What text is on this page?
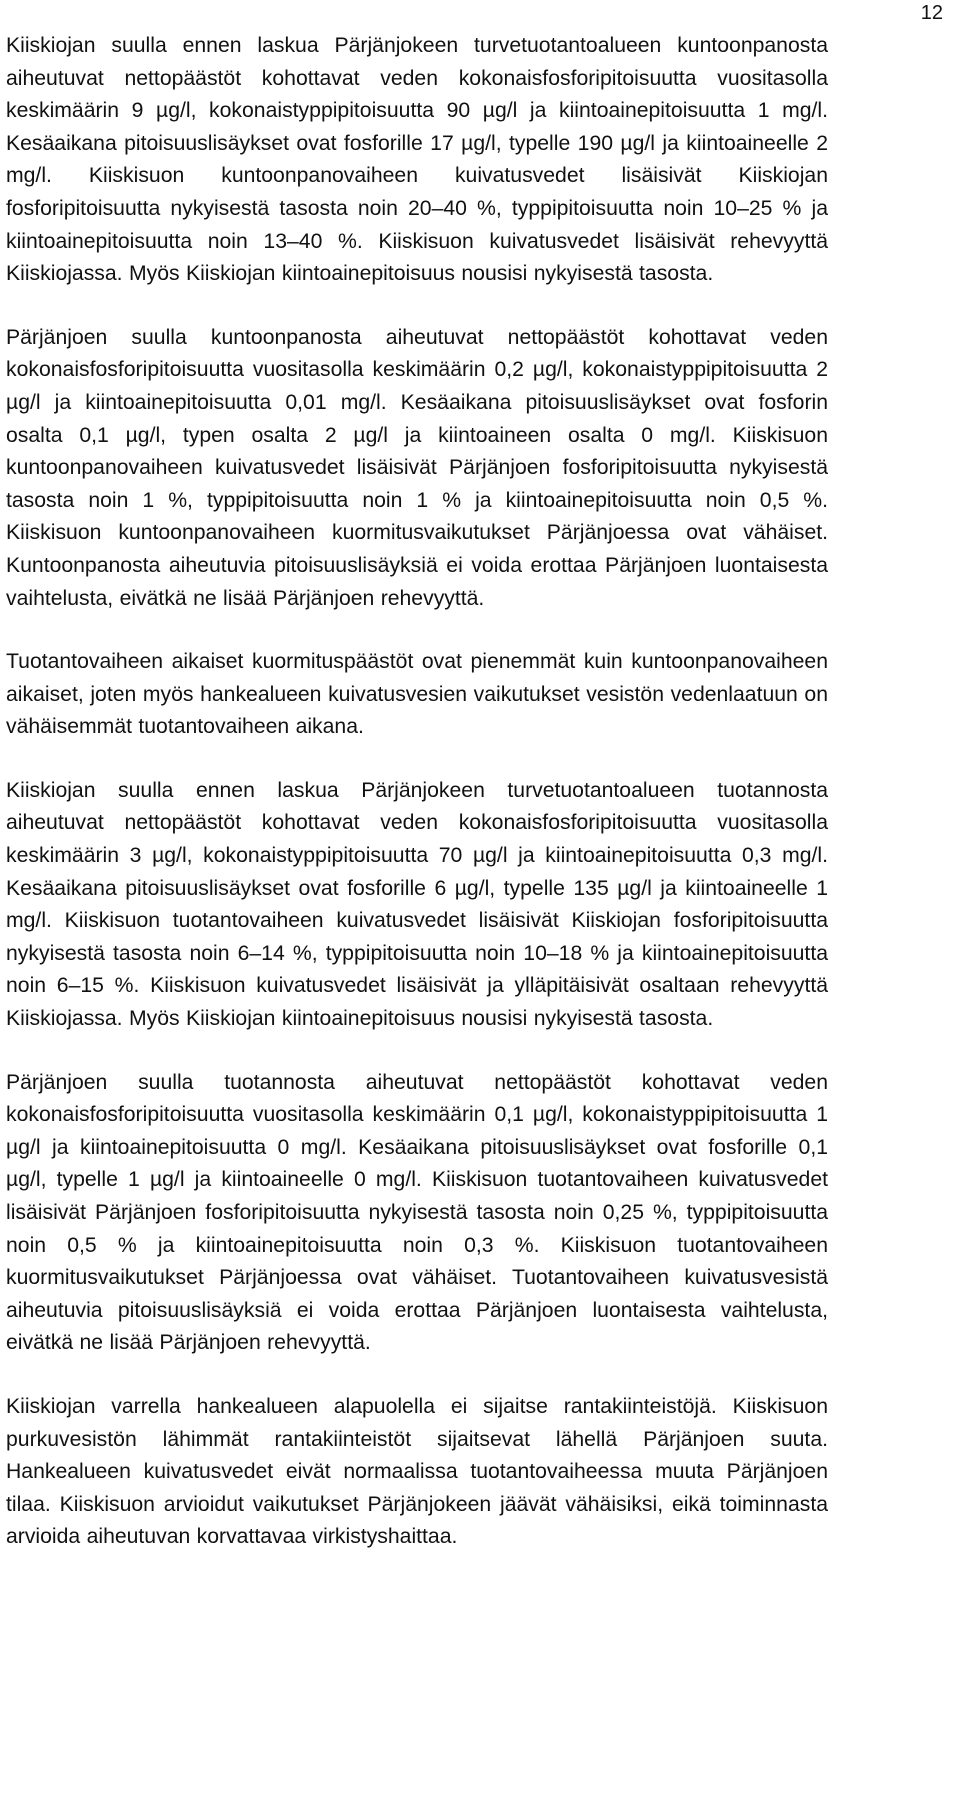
12

Kiiskiojan suulla ennen laskua Pärjänjokeen turvetuotantoalueen kuntoonpanosta aiheutuvat nettopäästöt kohottavat veden kokonaisfosforipitoisuutta vuositasolla keskimäärin 9 µg/l, kokonaistyppipitoisuutta 90 µg/l ja kiintoainepitoisuutta 1 mg/l. Kesäaikana pitoisuuslisäykset ovat fosforille 17 µg/l, typelle 190 µg/l ja kiintoaineelle 2 mg/l. Kiiskisuon kuntoonpanovaiheen kuivatusvedet lisäisivät Kiiskiojan fosforipitoisuutta nykyisestä tasosta noin 20‒40 %, typpipitoisuutta noin 10‒25 % ja kiintoainepitoisuutta noin 13‒40 %. Kiiskisuon kuivatusvedet lisäisivät rehevyyttä Kiiskiojassa. Myös Kiiskiojan kiintoainepitoisuus nousisi nykyisestä tasosta.

Pärjänjoen suulla kuntoonpanosta aiheutuvat nettopäästöt kohottavat veden kokonaisfosforipitoisuutta vuositasolla keskimäärin 0,2 µg/l, kokonaistyppipitoisuutta 2 µg/l ja kiintoainepitoisuutta 0,01 mg/l. Kesäaikana pitoisuuslisäykset ovat fosforin osalta 0,1 µg/l, typen osalta 2 µg/l ja kiintoaineen osalta 0 mg/l. Kiiskisuon kuntoonpanovaiheen kuivatusvedet lisäisivät Pärjänjoen fosforipitoisuutta nykyisestä tasosta noin 1 %, typpipitoisuutta noin 1 % ja kiintoainepitoisuutta noin 0,5 %. Kiiskisuon kuntoonpanovaiheen kuormitusvaikutukset Pärjänjoessa ovat vähäiset. Kuntoonpanosta aiheutuvia pitoisuuslisäyksiä ei voida erottaa Pärjänjoen luontaisesta vaihtelusta, eivätkä ne lisää Pärjänjoen rehevyyttä.

Tuotantovaiheen aikaiset kuormituspäästöt ovat pienemmät kuin kuntoonpanovaiheen aikaiset, joten myös hankealueen kuivatusvesien vaikutukset vesistön vedenlaatuun on vähäisemmät tuotantovaiheen aikana.

Kiiskiojan suulla ennen laskua Pärjänjokeen turvetuotantoalueen tuotannosta aiheutuvat nettopäästöt kohottavat veden kokonaisfosforipitoisuutta vuositasolla keskimäärin 3 µg/l, kokonaistyppipitoisuutta 70 µg/l ja kiintoainepitoisuutta 0,3 mg/l. Kesäaikana pitoisuuslisäykset ovat fosforille 6 µg/l, typelle 135 µg/l ja kiintoaineelle 1 mg/l. Kiiskisuon tuotantovaiheen kuivatusvedet lisäisivät Kiiskiojan fosforipitoisuutta nykyisestä tasosta noin 6‒14 %, typpipitoisuutta noin 10‒18 % ja kiintoainepitoisuutta noin 6‒15 %. Kiiskisuon kuivatusvedet lisäisivät ja ylläpitäisivät osaltaan rehevyyttä Kiiskiojassa. Myös Kiiskiojan kiintoainepitoisuus nousisi nykyisestä tasosta.

Pärjänjoen suulla tuotannosta aiheutuvat nettopäästöt kohottavat veden kokonaisfosforipitoisuutta vuositasolla keskimäärin 0,1 µg/l, kokonaistyppipitoisuutta 1 µg/l ja kiintoainepitoisuutta 0 mg/l. Kesäaikana pitoisuuslisäykset ovat fosforille 0,1 µg/l, typelle 1 µg/l ja kiintoaineelle 0 mg/l. Kiiskisuon tuotantovaiheen kuivatusvedet lisäisivät Pärjänjoen fosforipitoisuutta nykyisestä tasosta noin 0,25 %, typpipitoisuutta noin 0,5 % ja kiintoainepitoisuutta noin 0,3 %. Kiiskisuon tuotantovaiheen kuormitusvaikutukset Pärjänjoessa ovat vähäiset. Tuotantovaiheen kuivatusvesistä aiheutuvia pitoisuuslisäyksiä ei voida erottaa Pärjänjoen luontaisesta vaihtelusta, eivätkä ne lisää Pärjänjoen rehevyyttä.

Kiiskiojan varrella hankealueen alapuolella ei sijaitse rantakiinteistöjä. Kiiskisuon purkuvesistön lähimmät rantakiinteistöt sijaitsevat lähellä Pärjänjoen suuta. Hankealueen kuivatusvedet eivät normaalissa tuotantovaiheessa muuta Pärjänjoen tilaa. Kiiskisuon arvioidut vaikutukset Pärjänjokeen jäävät vähäisiksi, eikä toiminnasta arvioida aiheutuvan korvattavaa virkistyshaittaa.
